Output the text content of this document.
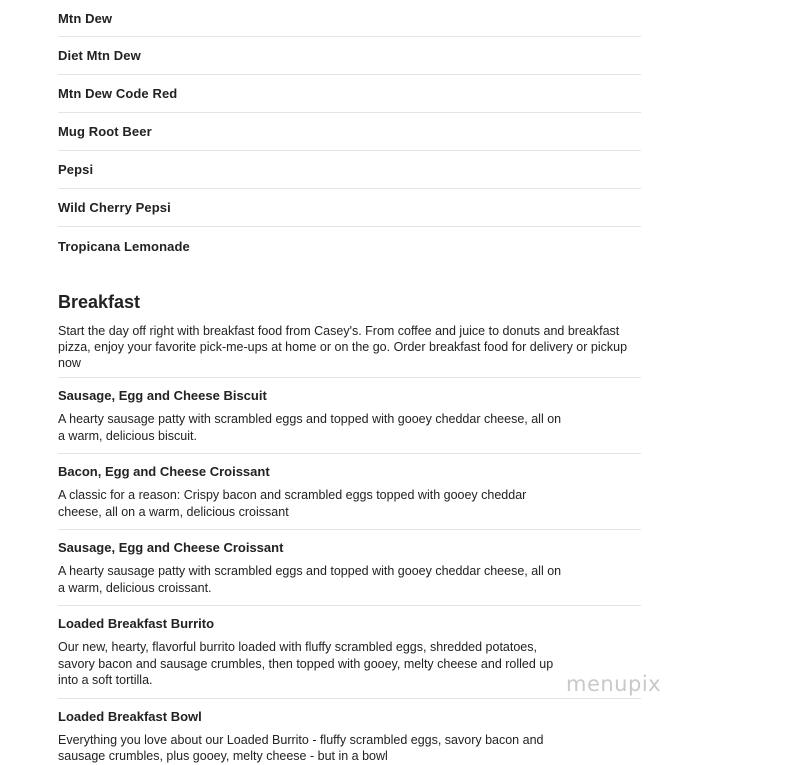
Mtn Dew
Diet Mtn Dew
Mtn Dew Code Red
Mug Root Beer
Pepsi
Wild Cherry Pepsi
Tropicana Lemonade
Breakfast

Start the day off right with breakfast food from Casey's. From coffee and juice to donuts and breakfast pizza, enjoy your favorite pick-me-ups at home or on the go. Order breakfast food for delivery or pickup now

Sausage, Egg and Cheese Biscuit

A hearty sausage patty with scrambled eggs and topped with gooey cheddar cheese, all on a warm, delicious biscuit.

Bacon, Egg and Cheese Croissant

A classic for a reason: Crispy bacon and scrambled eggs topped with gooey cheddar cheese, all on a warm, delicious croissant

Sausage, Egg and Cheese Croissant

A hearty sausage patty with scrambled eggs and topped with gooey cheddar cheese, all on a warm, delicious croissant.

Loaded Breakfast Burrito

Our new, hearty, flavorful burrito loaded with fluffy scrambled eggs, shredded potatoes, savory bacon and sausage crumbles, then topped with gooey, melty cheese and rolled up into a soft tortilla.

Loaded Breakfast Bowl

Everything you love about our Loaded Burrito - fluffy scrambled eggs, savory bacon and sausage crumbles, plus gooey, melty cheese - but in a bowl

menupix
